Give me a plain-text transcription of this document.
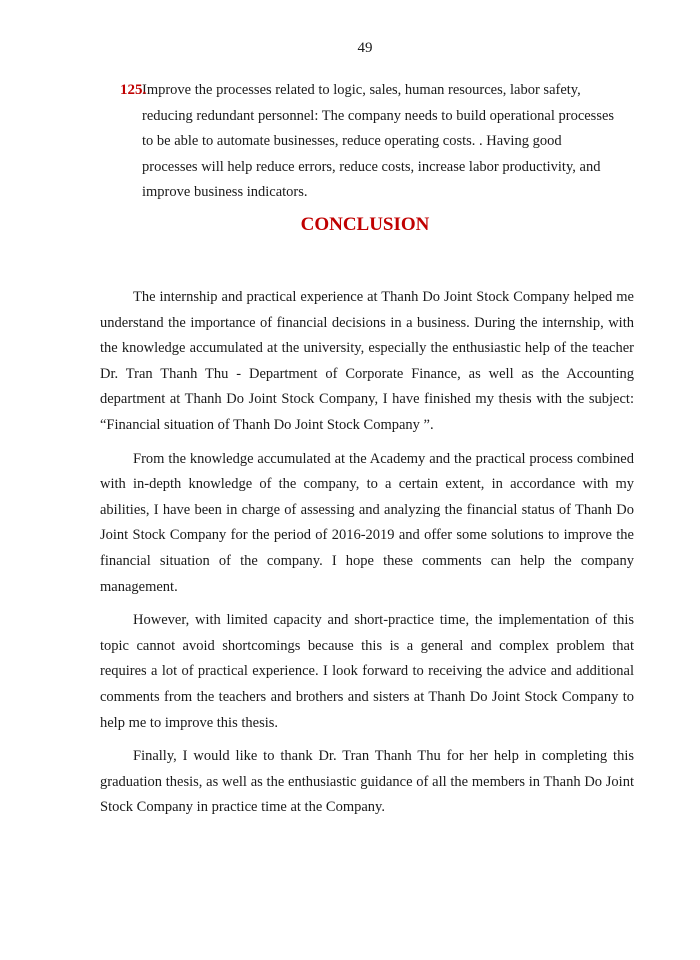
49
125.
Improve the processes related to logic, sales, human resources, labor safety, reducing redundant personnel: The company needs to build operational processes to be able to automate businesses, reduce operating costs. . Having good processes will help reduce errors, reduce costs, increase labor productivity, and improve business indicators.
CONCLUSION

The internship and practical experience at Thanh Do Joint Stock Company helped me understand the importance of financial decisions in a business. During the internship, with the knowledge accumulated at the university, especially the enthusiastic help of the teacher Dr. Tran Thanh Thu - Department of Corporate Finance, as well as the Accounting department at Thanh Do Joint Stock Company, I have finished my thesis with the subject: “Financial situation of Thanh Do Joint Stock Company ”.

From the knowledge accumulated at the Academy and the practical process combined with in-depth knowledge of the company, to a certain extent, in accordance with my abilities, I have been in charge of assessing and analyzing the financial status of Thanh Do Joint Stock Company for the period of 2016-2019 and offer some solutions to improve the financial situation of the company. I hope these comments can help the company management.

However, with limited capacity and short-practice time, the implementation of this topic cannot avoid shortcomings because this is a general and complex problem that requires a lot of practical experience. I look forward to receiving the advice and additional comments from the teachers and brothers and sisters at Thanh Do Joint Stock Company to help me to improve this thesis.

Finally, I would like to thank Dr. Tran Thanh Thu for her help in completing this graduation thesis, as well as the enthusiastic guidance of all the members in Thanh Do Joint Stock Company in practice time at the Company.
